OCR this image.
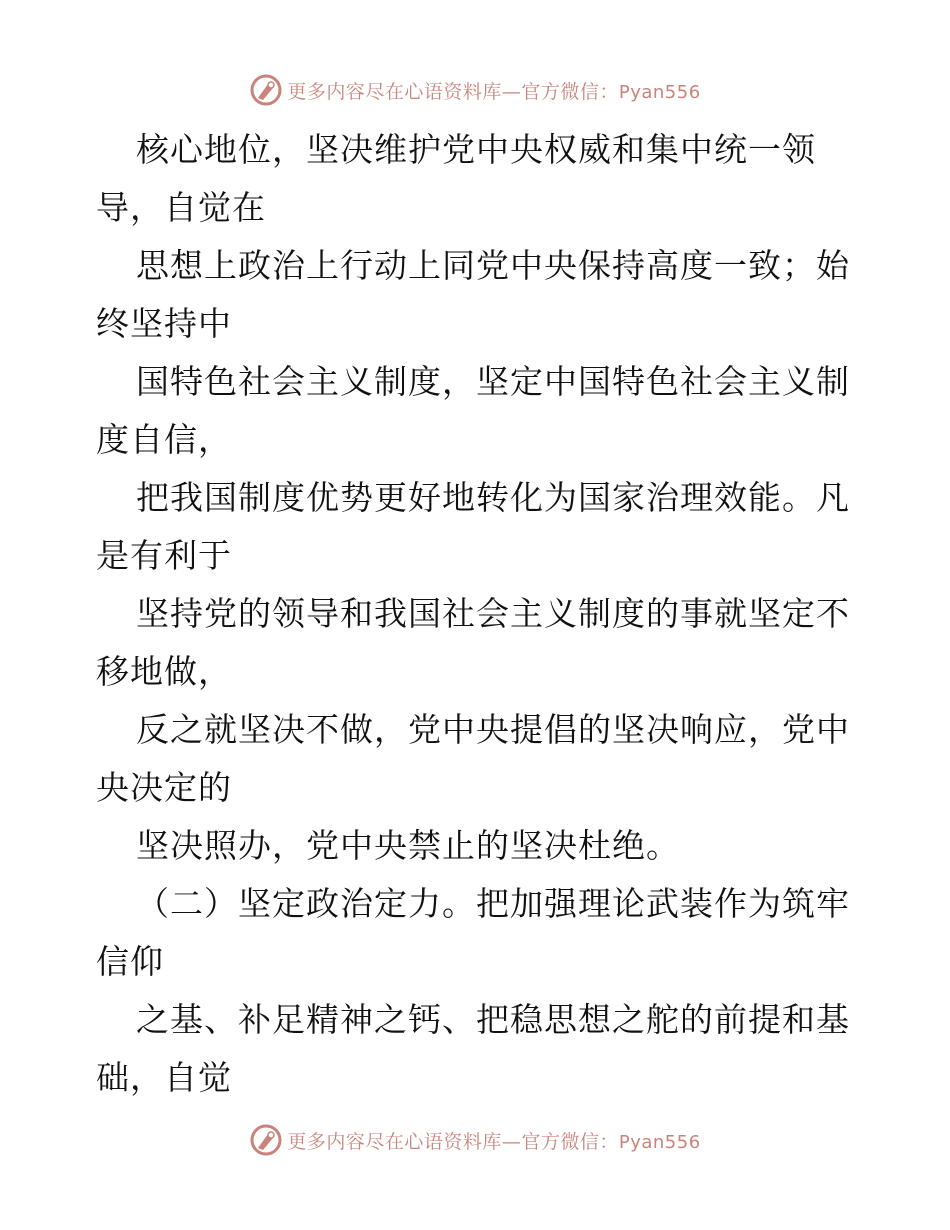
更多内容尽在心语资料库—官方微信：Pyan556
核心地位，坚决维护党中央权威和集中统一领
导，自觉在
思想上政治上行动上同党中央保持高度一致；始
终坚持中
国特色社会主义制度，坚定中国特色社会主义制
度自信，
把我国制度优势更好地转化为国家治理效能。凡
是有利于
坚持党的领导和我国社会主义制度的事就坚定不
移地做，
反之就坚决不做，党中央提倡的坚决响应，党中
央决定的
坚决照办，党中央禁止的坚决杜绝。
（二）坚定政治定力。把加强理论武装作为筑牢
信仰
之基、补足精神之钙、把稳思想之舵的前提和基
础，自觉
更多内容尽在心语资料库—官方微信：Pyan556
